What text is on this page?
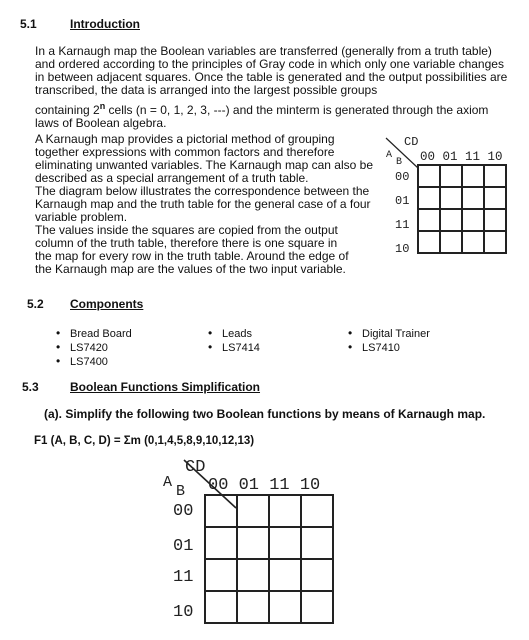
5.1	Introduction
In a Karnaugh map the Boolean variables are transferred (generally from a truth table)
and ordered according to the principles of Gray code in which only one variable changes
in between adjacent squares. Once the table is generated and the output possibilities are
transcribed, the data is arranged into the largest possible groups
containing 2$^n$ cells (n = 0, 1, 2, 3, ---) and the minterm is generated through the axiom
laws of Boolean algebra.
A Karnaugh map provides a pictorial method of grouping
together expressions with common factors and therefore
eliminating unwanted variables. The Karnaugh map can also be
described as a special arrangement of a truth table.
The diagram below illustrates the correspondence between the
Karnaugh map and the truth table for the general case of a four
variable problem.
The values inside the squares are copied from the output
column of the truth table, therefore there is one square in
the map for every row in the truth table. Around the edge of
the Karnaugh map are the values of the two input variable.
CD
A
B 00 01 11 10
00
01
11
10

5.2 Components
• Bread Board
• LS7420
• LS7400
• Leads
• LS7414
• Digital Trainer
• LS7410
5.3	Boolean Functions Simplification
(a). Simplify the following two Boolean functions by means of Karnaugh map.
F1 (A, B, C, D) = Σm (0,1,4,5,8,9,10,12,13)
CD
A
B 00 01 11 10
00
01
11
10
